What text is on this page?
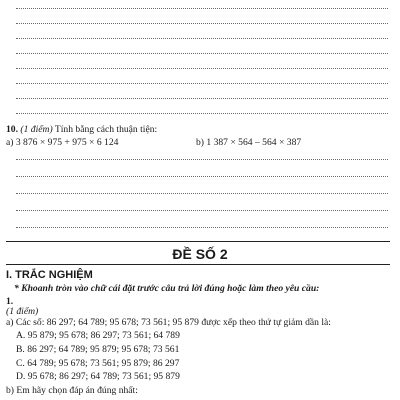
10. (1 điểm) Tính bằng cách thuận tiện:
a) 3 876 × 975 + 975 × 6 124	b) 1 387 × 564 – 564 × 387
ĐỀ SỐ 2
I. TRẮC NGHIỆM
* Khoanh tròn vào chữ cái đặt trước câu trả lời đúng hoặc làm theo yêu cầu:
1.
(1 điểm)
a) Các số: 86 297; 64 789; 95 678; 73 561; 95 879 được xếp theo thứ tự giảm dần là:
A. 95 879; 95 678; 86 297; 73 561; 64 789
B. 86 297; 64 789; 95 879; 95 678; 73 561
C. 64 789; 95 678; 73 561; 95 879; 86 297
D. 95 678; 86 297; 64 789; 73 561; 95 879
b) Em hãy chọn đáp án đúng nhất:
